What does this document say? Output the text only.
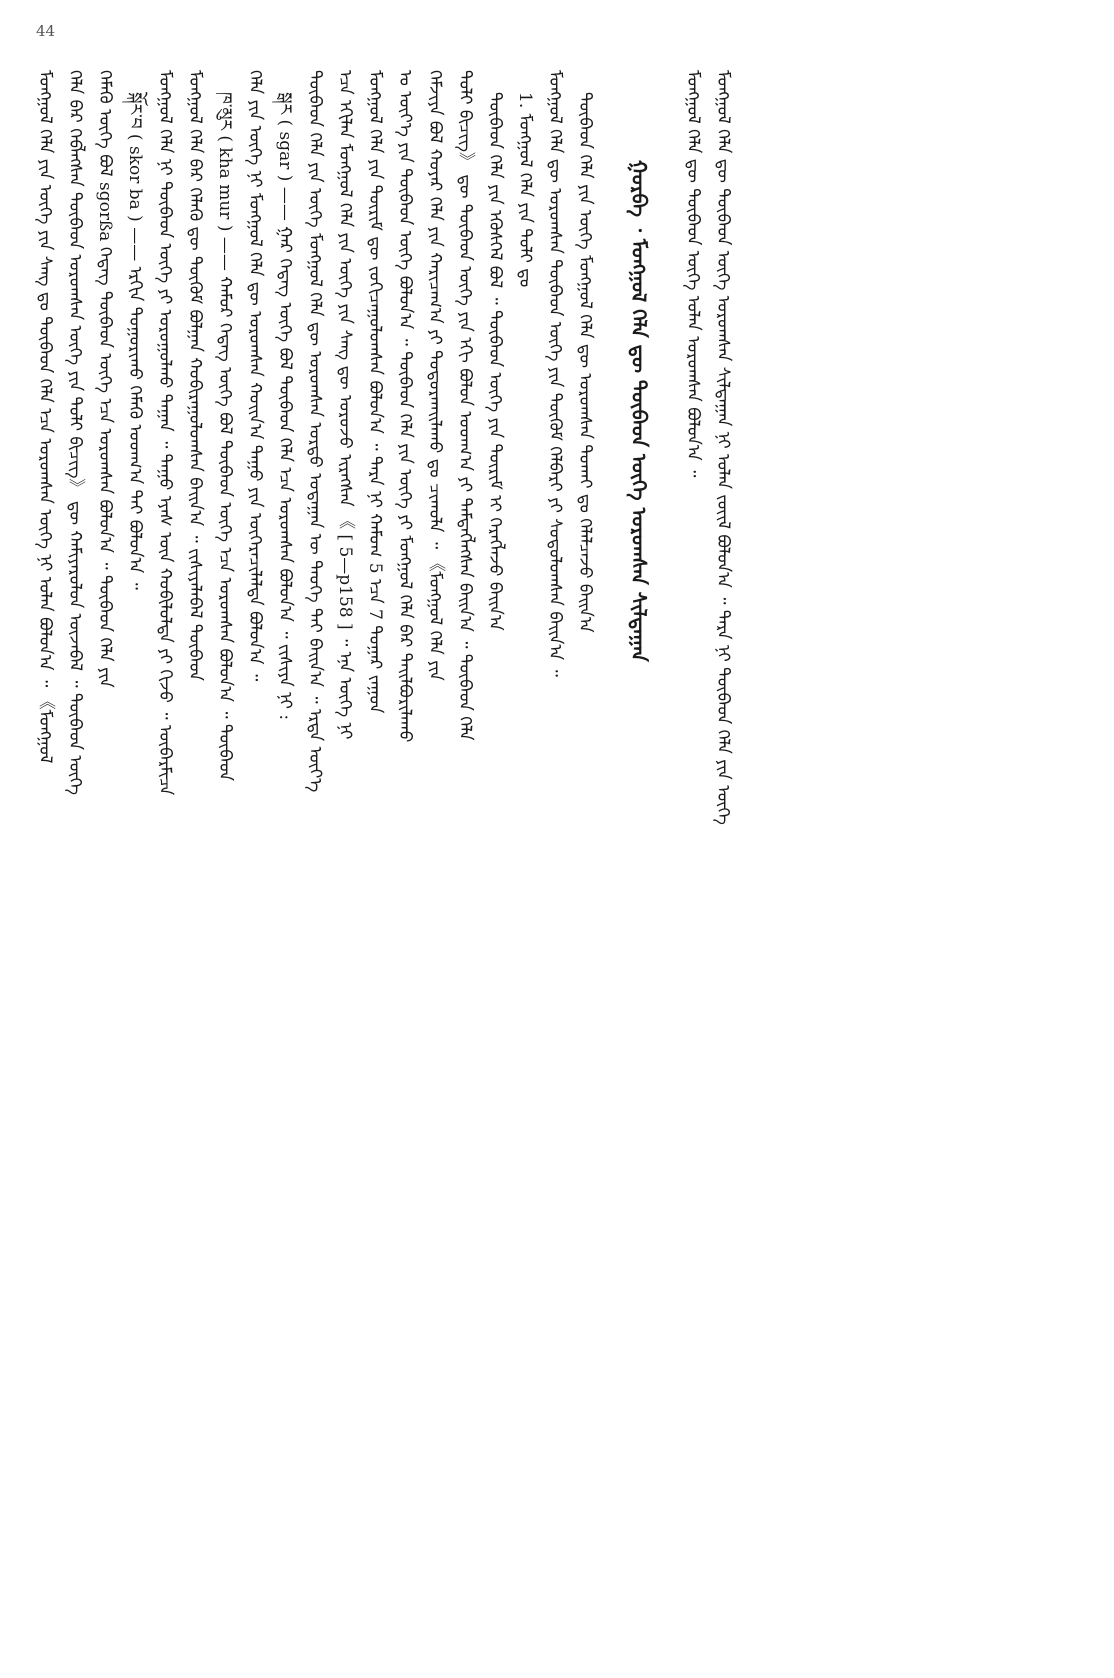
44
ᠮᠣᠩᠭᠣᠯ ᠬᠡᠯᠡ ᠶᠢᠨ ᠦᠭᠡ ᠶᠢᠨ ᠰᠠᠩ ᠳᠤ ᠲᠥᠪᠡᠳ ᠬᠡᠯᠡ ᠡᠴᠡ ᠣᠷᠣᠭᠰᠠᠨ ᠦᠭᠡ ᠨᠢ ᠣᠯᠠᠨ ᠪᠣᠯᠤᠨ᠎ᠠ ᠃ 《ᠮᠣᠩᠭᠣᠯ ᠬᠡᠯᠡ ᠪᠡᠷ ᠬᠡᠪᠯᠡᠭᠰᠡᠨ ᠲᠥᠪᠡᠳ ᠣᠷᠣᠭᠰᠠᠨ ᠦᠭᠡ ᠶᠢᠨ ᠲᠣᠯᠢ ᠪᠢᠴᠢᠭ》 ᠳᠦ ᠬᠠᠮᠢᠶᠠᠷᠤᠯᠤᠨ ᠦᠵᠡᠪᠡᠯ ᠃ ᠲᠥᠪᠡᠳ ᠦᠭᠡ ᠬᠡᠮᠡᠬᠦ ᠦᠭᠡ ᠪᠣᠯ sgorßa ᠭᠡᠳᠡᠭ ᠲᠥᠪᠡᠳ ᠦᠭᠡ ᠡᠴᠡ ᠣᠷᠣᠭᠰᠠᠨ ᠪᠣᠯᠤᠨ᠎ᠠ ᠃ ᠲᠥᠪᠡᠳ ᠬᠡᠯᠡ ᠶᠢᠨ སྐོར་བ ( skor ba ) —— ᠡᠷᠭᠢᠨ ᠲᠣᠭᠣᠷᠢᠬᠤ ᠬᠡᠮᠡᠬᠦ ᠤᠳᠬ᠎ᠠ ᠲᠠᠢ ᠪᠣᠯᠤᠨ᠎ᠠ ᠃ ᠮᠣᠩᠭᠣᠯ ᠬᠡᠯᠡ ᠨᠢ ᠲᠥᠪᠡᠳ ᠦᠭᠡ ᠶᠢ ᠣᠷᠣᠭᠤᠯᠬᠤ ᠳᠠᠭᠠᠨ ᠃ ᠳᠠᠭᠤ ᠡᠶᠡᠰ ᠦᠨ ᠬᠤᠪᠢᠯᠤᠯᠲᠠ ᠶᠢ ᠬᠢᠵᠦ ᠃ ᠥᠪᠡᠷᠮᠢᠴᠡ ᠮᠣᠩᠭᠣᠯ ᠬᠡᠯᠡ ᠪᠡᠷ ᠬᠡᠯᠡᠬᠦ ᠳᠦ ᠳᠥᠬᠦᠮ ᠪᠣᠯᠭᠠᠨ ᠬᠤᠪᠢᠷᠠᠭᠤᠯᠤᠭᠰᠠᠨ ᠪᠠᠢᠨ᠎ᠠ ᠃ ᠵᠢᠰᠢᠶᠡᠯᠡᠪᠡᠯ ᠲᠥᠪᠡᠳ ཁ་མུར ( kha mur ) —— ᠬᠠᠮᠤᠷ ᠭᠡᠳᠡᠭ ᠦᠭᠡ ᠪᠣᠯ ᠲᠥᠪᠡᠳ ᠦᠭᠡ ᠡᠴᠡ ᠣᠷᠣᠭᠰᠠᠨ ᠪᠣᠯᠤᠨ᠎ᠠ ᠃ ᠲᠥᠪᠡᠳ ᠬᠡᠯᠡ ᠶᠢᠨ ᠦᠭᠡ ᠨᠢ ᠮᠣᠩᠭᠣᠯ ᠬᠡᠯᠡ ᠳᠦ ᠣᠷᠣᠭᠰᠠᠨ ᠬᠣᠢᠨ᠎ᠠ ᠳᠠᠭᠤ ᠶᠢᠨ ᠥᠭᠡᠷᠡᠴᠢᠯᠡᠯᠲᠡ ᠪᠣᠯᠤᠨ᠎ᠠ ᠃ སྒར ( sgar ) —— ᠭᠠᠷ ᠭᠡᠳᠡᠭ ᠦᠭᠡ ᠪᠣᠯ ᠲᠥᠪᠡᠳ ᠬᠡᠯᠡ ᠡᠴᠡ ᠣᠷᠣᠭᠰᠠᠨ ᠪᠣᠯᠤᠨ᠎ᠠ ᠃ ᠵᠢᠰᠢᠶᠡ ᠨᠢ : ᠲᠥᠪᠡᠳ ᠬᠡᠯᠡ ᠶᠢᠨ ᠦᠭᠡ ᠮᠣᠩᠭᠣᠯ ᠬᠡᠯᠡ ᠳᠦ ᠣᠷᠣᠭᠰᠠᠨ ᠤᠷᠲᠤ ᠤᠳᠠᠭᠠᠨ ᠦ ᠲᠡᠦᠬᠡ ᠲᠠᠢ ᠪᠠᠢᠨ᠎ᠠ ᠃ ᠡᠷᠲᠡ ᠦᠶ᠎ᠡ ᠡᠴᠡ ᠡᠬᠢᠯᠡᠨ ᠮᠣᠩᠭᠣᠯ ᠬᠡᠯᠡ ᠶᠢᠨ ᠦᠭᠡ ᠶᠢᠨ ᠰᠠᠩ ᠳᠦ ᠣᠷᠣᠵᠤ ᠢᠷᠡᠭᠰᠡᠨ 《 [ 5—p158 ] ᠃ ᠡᠨᠡ ᠦᠭᠡ ᠨᠢ ᠮᠣᠩᠭᠣᠯ ᠬᠡᠯᠡ ᠶᠢᠨ ᠳᠦᠷᠢᠮ ᠳᠦ ᠵᠣᠬᠢᠴᠠᠭᠤᠯᠤᠭᠰᠠᠨ ᠪᠣᠯᠤᠨ᠎ᠠ ᠃ ᠲᠡᠷᠡ ᠨᠢ ᠬᠠᠮᠤᠭ 5 ᠡᠴᠡ 7 ᠳᠤᠭᠠᠷ ᠵᠠᠭᠤᠨ ᠤ ᠦᠶ᠎ᠡ ᠶᠢᠨ ᠲᠥᠪᠡᠳ ᠦᠭᠡ ᠪᠣᠯᠤᠨ᠎ᠠ ᠃ ᠲᠥᠪᠡᠳ ᠬᠡᠯᠡ ᠶᠢᠨ ᠦᠭᠡ ᠶᠢ ᠮᠣᠩᠭᠣᠯ ᠬᠡᠯᠡ ᠪᠡᠷ ᠲᠠᠢᠯᠪᠤᠷᠢᠯᠠᠬᠤ ᠬᠡᠮᠵᠢᠶᠡ ᠪᠣᠯ ᠬᠣᠶᠠᠷ ᠬᠡᠯᠡ ᠶᠢᠨ ᠬᠠᠷᠢᠴᠠᠭ᠎ᠠ ᠶᠢ ᠲᠣᠳᠤᠷᠬᠠᠢᠯᠠᠬᠤ ᠳᠤ ᠴᠢᠬᠤᠯᠠ ᠃ 《ᠮᠣᠩᠭᠣᠯ ᠬᠡᠯᠡ ᠶᠢᠨ ᠲᠣᠯᠢ ᠪᠢᠴᠢᠭ》 ᠳᠦ ᠲᠥᠪᠡᠳ ᠦᠭᠡ ᠶᠢᠨ ᠡᠬᠢ ᠪᠣᠯᠤᠨ ᠤᠳᠬ᠎ᠠ ᠶᠢ ᠲᠡᠮᠳᠡᠭᠯᠡᠭᠰᠡᠨ ᠪᠠᠢᠨ᠎ᠠ ᠃ ᠲᠥᠪᠡᠳ ᠬᠡᠯᠡ ᠲᠥᠪᠡᠳ ᠬᠡᠯᠡ ᠶᠢᠨ ᠡᠭᠦᠰᠬᠡᠯ ᠪᠣᠯ ᠃ ᠲᠥᠪᠡᠳ ᠦᠭᠡ ᠶᠢᠨ ᠳᠦᠷᠢᠮ ᠢ ᠬᠡᠷᠡᠭᠯᠡᠵᠦ ᠪᠠᠢᠨ᠎ᠠ 1. ᠮᠣᠩᠭᠣᠯ ᠬᠡᠯᠡ ᠶᠢᠨ ᠲᠣᠯᠢ ᠳᠤ ᠮᠣᠩᠭᠣᠯ ᠬᠡᠯᠡ ᠳᠦ ᠣᠷᠣᠭᠰᠠᠨ ᠲᠥᠪᠡᠳ ᠦᠭᠡ ᠶᠢᠨ ᠳᠥᠬᠦᠮ ᠬᠡᠯᠪᠡᠷᠢ ᠶᠢ ᠰᠤᠳᠤᠯᠤᠭᠰᠠᠨ ᠪᠠᠢᠨ᠎ᠠ ᠃ ᠲᠥᠪᠡᠳ ᠬᠡᠯᠡ ᠶᠢᠨ ᠦᠭᠡ ᠮᠣᠩᠭᠣᠯ ᠬᠡᠯᠡ ᠳᠦ ᠣᠷᠣᠭᠰᠠᠨ ᠲᠣᠬᠠᠢ ᠳᠤ ᠬᠡᠯᠡᠯᠴᠡᠵᠦ ᠪᠠᠢᠨ᠎ᠠ ᠭᠤᠷᠪᠠ ᠂ ᠮᠣᠩᠭᠣᠯ ᠬᠡᠯᠡ ᠳᠦ ᠲᠥᠪᠡᠳ ᠦᠭᠡ ᠣᠷᠣᠭᠰᠠᠨ ᠰᠢᠯᠲᠠᠭᠠᠨ ᠮᠣᠩᠭᠣᠯ ᠬᠡᠯᠡ ᠳᠦ ᠲᠥᠪᠡᠳ ᠦᠭᠡ ᠣᠯᠠᠨ ᠣᠷᠣᠭᠰᠠᠨ ᠪᠣᠯᠤᠨ᠎ᠠ ᠃ ᠮᠣᠩᠭᠣᠯ ᠬᠡᠯᠡ ᠳᠦ ᠲᠥᠪᠡᠳ ᠦᠭᠡ ᠣᠷᠣᠭᠰᠠᠨ ᠰᠢᠯᠲᠠᠭᠠᠨ ᠨᠢ ᠣᠯᠠᠨ ᠵᠦᠢᠯ ᠪᠣᠯᠤᠨ᠎ᠠ ᠃ ᠲᠡᠷᠡ ᠨᠢ ᠲᠥᠪᠡᠳ ᠬᠡᠯᠡ ᠶᠢᠨ ᠦᠭᠡ
